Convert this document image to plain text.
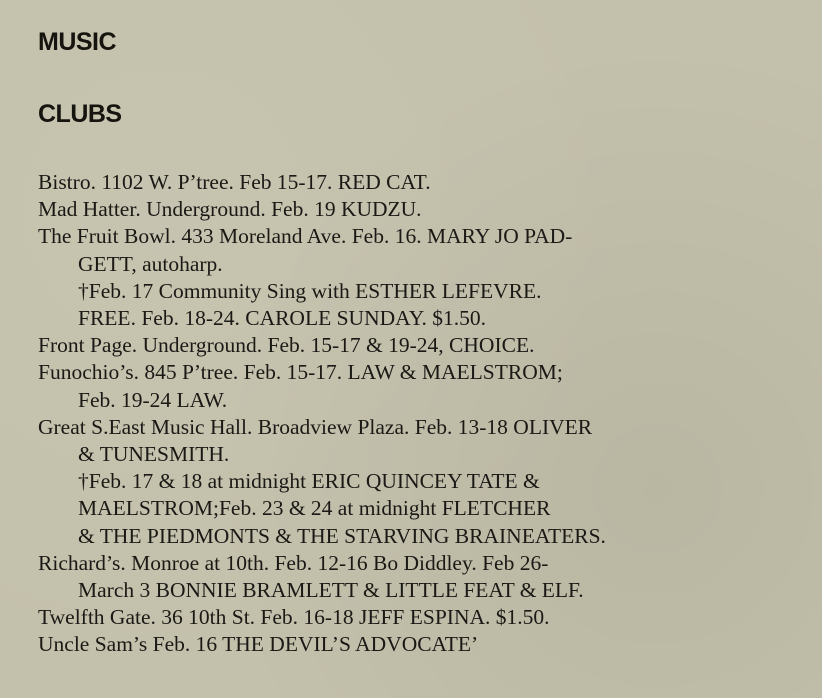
MUSIC
CLUBS
Bistro. 1102 W. P’tree. Feb 15-17. RED CAT.
Mad Hatter. Underground. Feb. 19 KUDZU.
The Fruit Bowl. 433 Moreland Ave. Feb. 16. MARY JO PAD-
GETT, autoharp.
†Feb. 17 Community Sing with ESTHER LEFEVRE.
FREE. Feb. 18-24. CAROLE SUNDAY. $1.50.
Front Page. Underground. Feb. 15-17 & 19-24, CHOICE.
Funochio’s. 845 P’tree. Feb. 15-17. LAW & MAELSTROM;
Feb. 19-24 LAW.
Great S.East Music Hall. Broadview Plaza. Feb. 13-18 OLIVER
& TUNESMITH.
†Feb. 17 & 18 at midnight ERIC QUINCEY TATE &
MAELSTROM;Feb. 23 & 24 at midnight FLETCHER
& THE PIEDMONTS & THE STARVING BRAINEATERS.
Richard’s. Monroe at 10th. Feb. 12-16 Bo Diddley. Feb 26-
March 3 BONNIE BRAMLETT & LITTLE FEAT & ELF.
Twelfth Gate. 36 10th St. Feb. 16-18 JEFF ESPINA. $1.50.
Uncle Sam’s Feb. 16 THE DEVIL’S ADVOCATE’
